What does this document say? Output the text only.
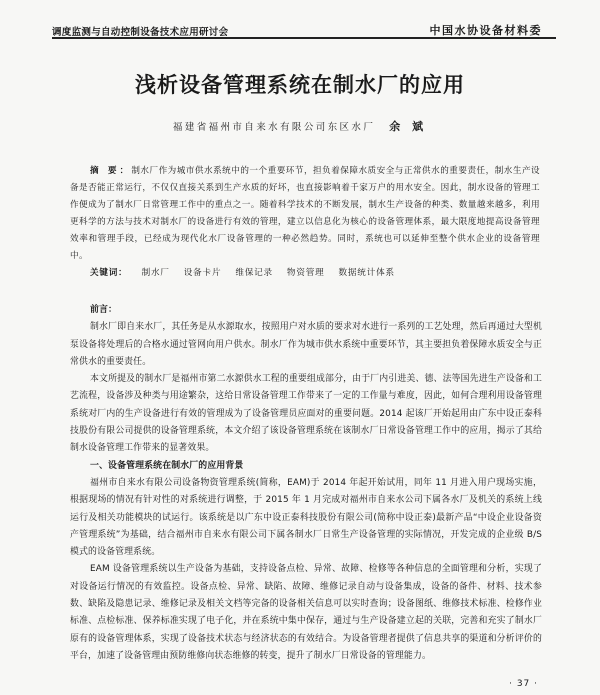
调度监测与自动控制设备技术应用研讨会	中国水协设备材料委
浅析设备管理系统在制水厂的应用
福建省福州市自来水有限公司东区水厂 余 斌
摘 要：制水厂作为城市供水系统中的一个重要环节，担负着保障水质安全与正常供水的重要责任，制水生产设备是否能正常运行，不仅仅直接关系到生产水质的好坏，也直接影响着千家万户的用水安全。因此，制水设备的管理工作便成为了制水厂日常管理工作中的重点之一。随着科学技术的不断发展，制水生产设备的种类、数量越来越多，利用更科学的方法与技术对制水厂的设备进行有效的管理，建立以信息化为核心的设备管理体系，最大限度地提高设备管理效率和管理手段，已经成为现代化水厂设备管理的一种必然趋势。同时，系统也可以延伸至整个供水企业的设备管理中。
关键词： 制水厂 设备卡片 维保记录 物资管理 数据统计体系

前言：

制水厂即自来水厂，其任务是从水源取水，按照用户对水质的要求对水进行一系列的工艺处理，然后再通过大型机泵设备将处理后的合格水通过管网向用户供水。制水厂作为城市供水系统中重要环节，其主要担负着保障水质安全与正常供水的重要责任。

本文所提及的制水厂是福州市第二水源供水工程的重要组成部分，由于厂内引进美、德、法等国先进生产设备和工艺流程，设备涉及种类与用途繁杂，这给日常设备管理工作带来了一定的工作量与难度，因此，如何合理利用设备管理系统对厂内的生产设备进行有效的管理成为了设备管理员应面对的重要问题。2014 起该厂开始起用由广东中设正泰科技股份有限公司提供的设备管理系统，本文介绍了该设备管理系统在该制水厂日常设备管理工作中的应用，揭示了其给制水设备管理工作带来的显著效果。

一、设备管理系统在制水厂的应用背景

福州市自来水有限公司设备物资管理系统(简称，EAM)于 2014 年起开始试用，同年 11 月进入用户现场实施，根据现场的情况有针对性的对系统进行调整，于 2015 年 1 月完成对福州市自来水公司下属各水厂及机关的系统上线运行及相关功能模块的试运行。该系统是以广东中设正泰科技股份有限公司(简称中设正泰)最新产品“中设企业设备资产管理系统”为基础，结合福州市自来水有限公司下属各制水厂日常生产设备管理的实际情况，开发完成的企业级 B/S 模式的设备管理系统。

EAM 设备管理系统以生产设备为基础，支持设备点检、异常、故障、检修等各种信息的全面管理和分析，实现了对设备运行情况的有效监控。设备点检、异常、缺陷、故障、维修记录自动与设备集成，设备的备件、材料、技术参数、缺陷及隐患记录、维修记录及相关文档等完备的设备相关信息可以实时查询；设备图纸、维修技术标准、检修作业标准、点检标准、保养标准实现了电子化，并在系统中集中保存，通过与生产设备建立起的关联，完善和充实了制水厂原有的设备管理体系，实现了设备技术状态与经济状态的有效结合。为设备管理者提供了信息共享的渠道和分析评价的平台，加速了设备管理由预防维修向状态维修的转变，提升了制水厂日常设备的管理能力。

· 37 ·
